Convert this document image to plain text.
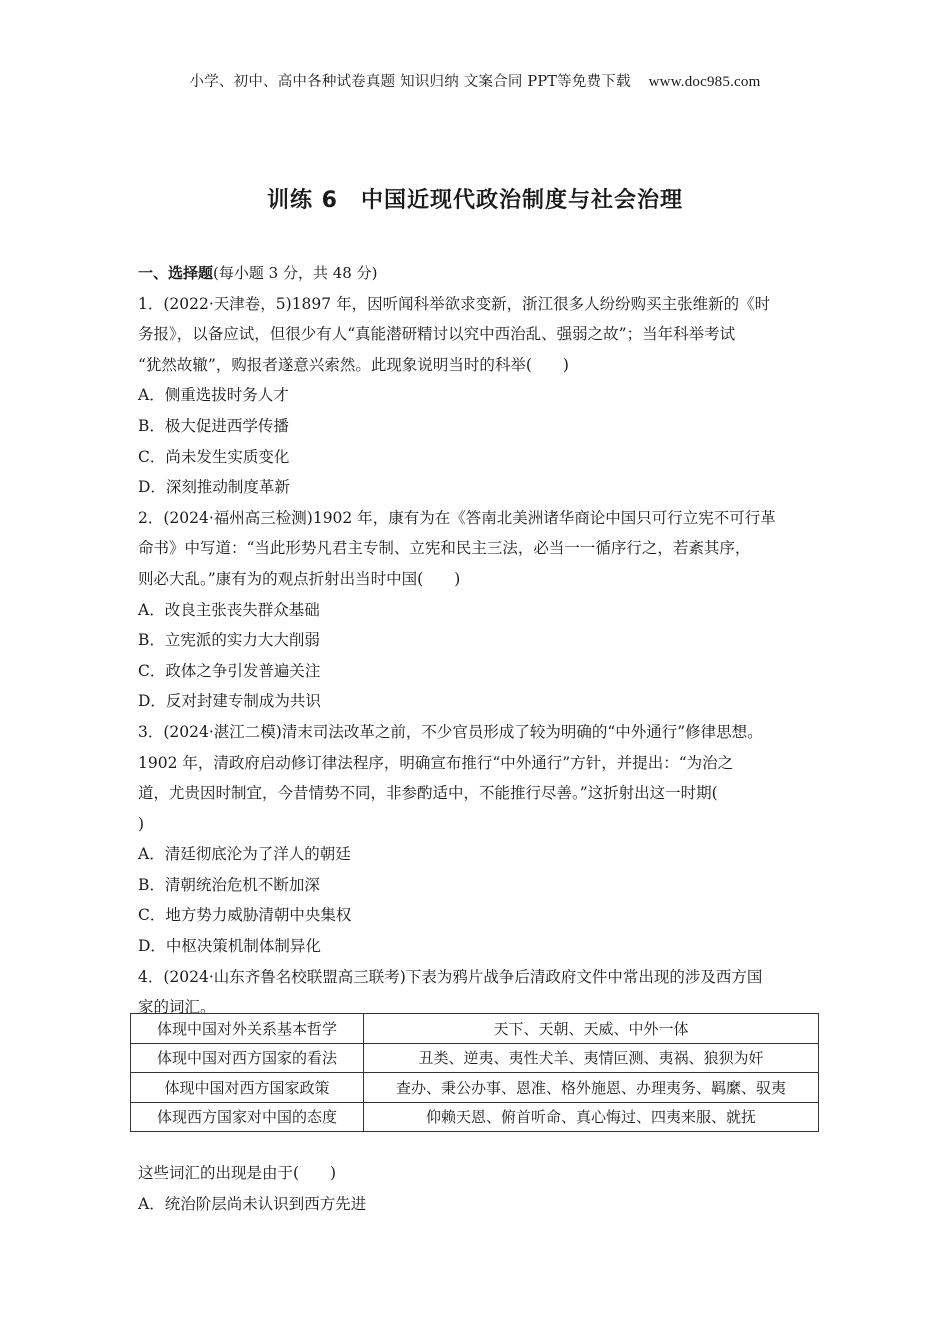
小学、初中、高中各种试卷真题 知识归纳 文案合同 PPT等免费下载 www.doc985.com
训练 6　中国近现代政治制度与社会治理
一、选择题(每小题 3 分，共 48 分)
1．(2022·天津卷，5)1897 年，因听闻科举欲求变新，浙江很多人纷纷购买主张维新的《时
务报》，以备应试，但很少有人“真能潜研精讨以究中西治乱、强弱之故”；当年科举考试
“犹然故辙”，购报者遂意兴索然。此现象说明当时的科举(　　)
A．侧重选拔时务人才
B．极大促进西学传播
C．尚未发生实质变化
D．深刻推动制度革新
2．(2024·福州高三检测)1902 年，康有为在《答南北美洲诸华商论中国只可行立宪不可行革
命书》中写道：“当此形势凡君主专制、立宪和民主三法，必当一一循序行之，若紊其序，
则必大乱。”康有为的观点折射出当时中国(　　)
A．改良主张丧失群众基础
B．立宪派的实力大大削弱
C．政体之争引发普遍关注
D．反对封建专制成为共识
3．(2024·湛江二模)清末司法改革之前，不少官员形成了较为明确的“中外通行”修律思想。
1902 年，清政府启动修订律法程序，明确宣布推行“中外通行”方针，并提出：“为治之
道，尤贵因时制宜，今昔情势不同，非参酌适中，不能推行尽善。”这折射出这一时期(
)
A．清廷彻底沦为了洋人的朝廷
B．清朝统治危机不断加深
C．地方势力威胁清朝中央集权
D．中枢决策机制体制异化
4．(2024·山东齐鲁名校联盟高三联考)下表为鸦片战争后清政府文件中常出现的涉及西方国
家的词汇。
体现中国对外关系基本哲学	天下、天朝、天威、中外一体
体现中国对西方国家的看法	丑类、逆夷、夷性犬羊、夷情叵测、夷祸、狼狈为奸
体现中国对西方国家政策	查办、秉公办事、恩准、格外施恩、办理夷务、羁縻、驭夷
体现西方国家对中国的态度	仰赖天恩、俯首听命、真心悔过、四夷来服、就抚
这些词汇的出现是由于(　　)
A．统治阶层尚未认识到西方先进
